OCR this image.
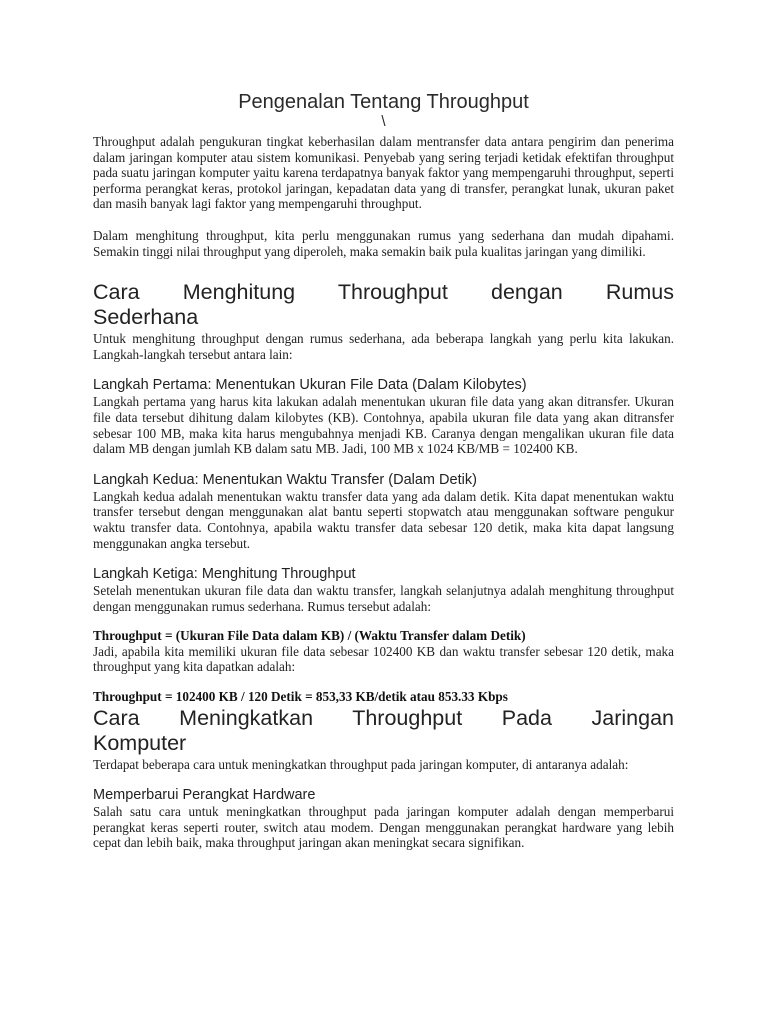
Pengenalan Tentang Throughput
\

Throughput adalah pengukuran tingkat keberhasilan dalam mentransfer data antara pengirim dan penerima dalam jaringan komputer atau sistem komunikasi. Penyebab yang sering terjadi ketidak efektifan throughput pada suatu jaringan komputer yaitu karena terdapatnya banyak faktor yang mempengaruhi throughput, seperti performa perangkat keras, protokol jaringan, kepadatan data yang di transfer, perangkat lunak, ukuran paket dan masih banyak lagi faktor yang mempengaruhi throughput.

Dalam menghitung throughput, kita perlu menggunakan rumus yang sederhana dan mudah dipahami. Semakin tinggi nilai throughput yang diperoleh, maka semakin baik pula kualitas jaringan yang dimiliki.

Cara Menghitung Throughput dengan Rumus
Sederhana

Untuk menghitung throughput dengan rumus sederhana, ada beberapa langkah yang perlu kita lakukan. Langkah-langkah tersebut antara lain:

Langkah Pertama: Menentukan Ukuran File Data (Dalam Kilobytes)

Langkah pertama yang harus kita lakukan adalah menentukan ukuran file data yang akan ditransfer. Ukuran file data tersebut dihitung dalam kilobytes (KB). Contohnya, apabila ukuran file data yang akan ditransfer sebesar 100 MB, maka kita harus mengubahnya menjadi KB. Caranya dengan mengalikan ukuran file data dalam MB dengan jumlah KB dalam satu MB. Jadi, 100 MB x 1024 KB/MB = 102400 KB.

Langkah Kedua: Menentukan Waktu Transfer (Dalam Detik)

Langkah kedua adalah menentukan waktu transfer data yang ada dalam detik. Kita dapat menentukan waktu transfer tersebut dengan menggunakan alat bantu seperti stopwatch atau menggunakan software pengukur waktu transfer data. Contohnya, apabila waktu transfer data sebesar 120 detik, maka kita dapat langsung menggunakan angka tersebut.

Langkah Ketiga: Menghitung Throughput

Setelah menentukan ukuran file data dan waktu transfer, langkah selanjutnya adalah menghitung throughput dengan menggunakan rumus sederhana. Rumus tersebut adalah:

Throughput = (Ukuran File Data dalam KB) / (Waktu Transfer dalam Detik)

Jadi, apabila kita memiliki ukuran file data sebesar 102400 KB dan waktu transfer sebesar 120 detik, maka throughput yang kita dapatkan adalah:

Throughput = 102400 KB / 120 Detik = 853,33 KB/detik atau 853.33 Kbps

Cara Meningkatkan Throughput Pada Jaringan
Komputer

Terdapat beberapa cara untuk meningkatkan throughput pada jaringan komputer, di antaranya adalah:

Memperbarui Perangkat Hardware

Salah satu cara untuk meningkatkan throughput pada jaringan komputer adalah dengan memperbarui perangkat keras seperti router, switch atau modem. Dengan menggunakan perangkat hardware yang lebih cepat dan lebih baik, maka throughput jaringan akan meningkat secara signifikan.
